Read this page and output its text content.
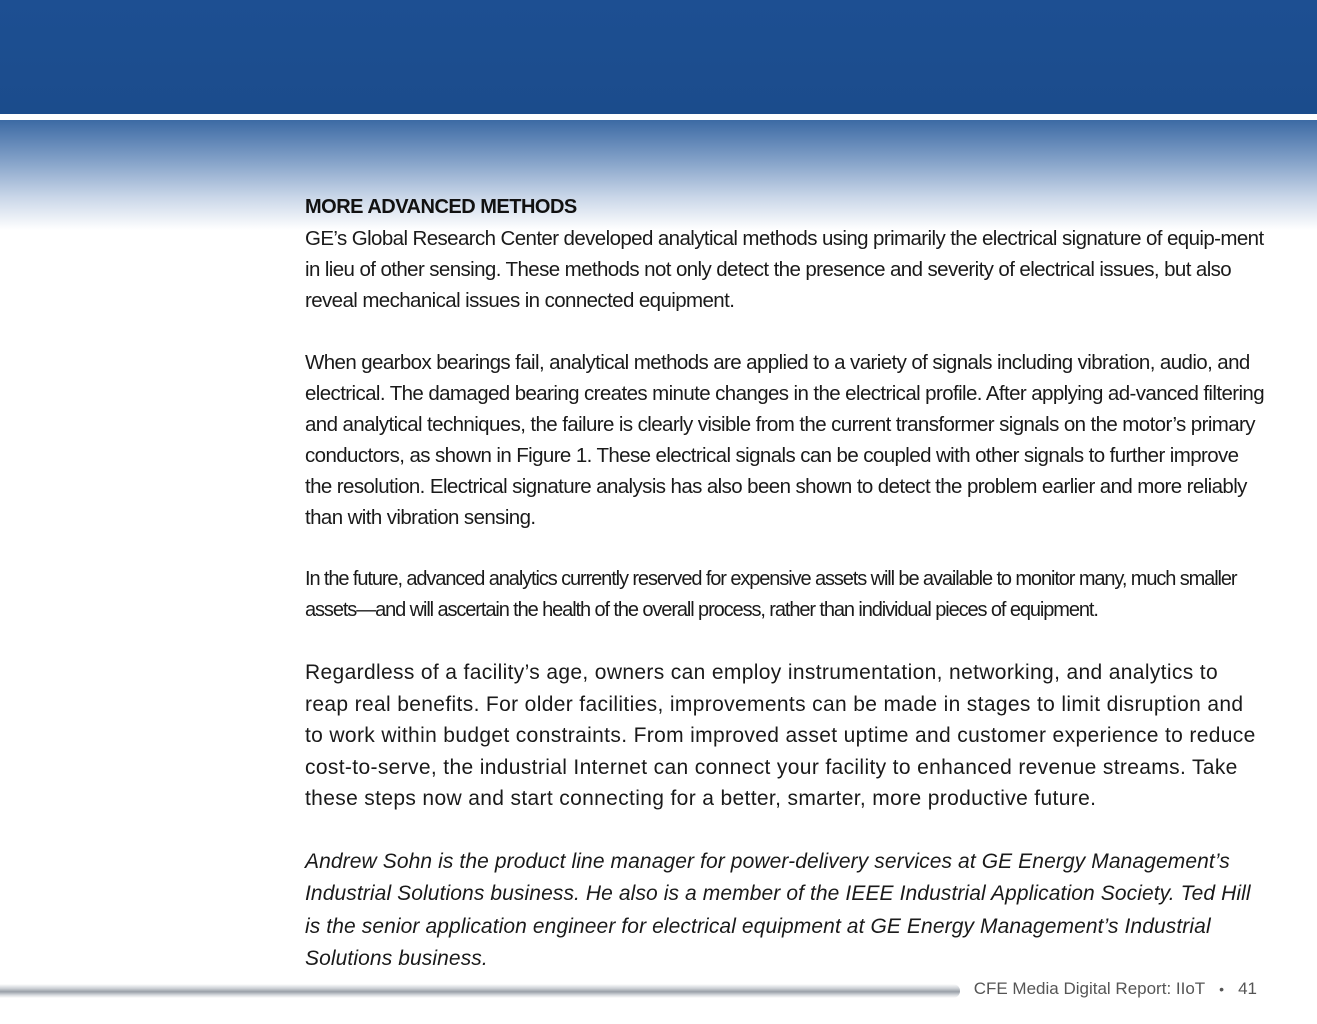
MORE ADVANCED METHODS

GE’s Global Research Center developed analytical methods using primarily the electrical signature of equip-ment in lieu of other sensing. These methods not only detect the presence and severity of electrical issues, but also reveal mechanical issues in connected equipment.

When gearbox bearings fail, analytical methods are applied to a variety of signals including vibration, audio, and electrical. The damaged bearing creates minute changes in the electrical profile. After applying ad-vanced filtering and analytical techniques, the failure is clearly visible from the current transformer signals on the motor’s primary conductors, as shown in Figure 1. These electrical signals can be coupled with other signals to further improve the resolution. Electrical signature analysis has also been shown to detect the problem earlier and more reliably than with vibration sensing.

In the future, advanced analytics currently reserved for expensive assets will be available to monitor many, much smaller assets—and will ascertain the health of the overall process, rather than individual pieces of equipment.

Regardless of a facility’s age, owners can employ instrumentation, networking, and analytics to reap real benefits. For older facilities, improvements can be made in stages to limit disruption and to work within budget constraints. From improved asset uptime and customer experience to reduce cost-to-serve, the industrial Internet can connect your facility to enhanced revenue streams. Take these steps now and start connecting for a better, smarter, more productive future.

Andrew Sohn is the product line manager for power-delivery services at GE Energy Management’s Industrial Solutions business. He also is a member of the IEEE Industrial Application Society. Ted Hill is the senior application engineer for electrical equipment at GE Energy Management’s Industrial Solutions business.

CFE Media Digital Report: IIoT • 41
